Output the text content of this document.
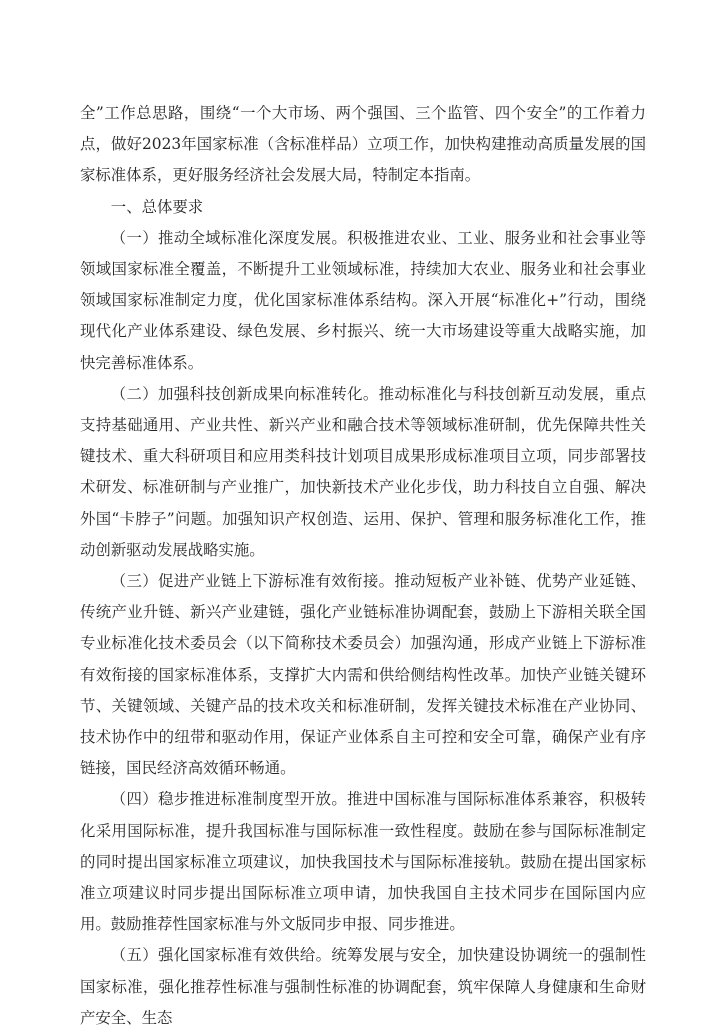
全”工作总思路，围绕“一个大市场、两个强国、三个监管、四个安全”的工作着力点，做好2023年国家标准（含标准样品）立项工作，加快构建推动高质量发展的国家标准体系，更好服务经济社会发展大局，特制定本指南。

一、总体要求

（一）推动全域标准化深度发展。积极推进农业、工业、服务业和社会事业等领域国家标准全覆盖，不断提升工业领域标准，持续加大农业、服务业和社会事业领域国家标准制定力度，优化国家标准体系结构。深入开展“标准化+”行动，围绕现代化产业体系建设、绿色发展、乡村振兴、统一大市场建设等重大战略实施，加快完善标准体系。

（二）加强科技创新成果向标准转化。推动标准化与科技创新互动发展，重点支持基础通用、产业共性、新兴产业和融合技术等领域标准研制，优先保障共性关键技术、重大科研项目和应用类科技计划项目成果形成标准项目立项，同步部署技术研发、标准研制与产业推广，加快新技术产业化步伐，助力科技自立自强、解决外国“卡脖子”问题。加强知识产权创造、运用、保护、管理和服务标准化工作，推动创新驱动发展战略实施。

（三）促进产业链上下游标准有效衔接。推动短板产业补链、优势产业延链、传统产业升链、新兴产业建链，强化产业链标准协调配套，鼓励上下游相关联全国专业标准化技术委员会（以下简称技术委员会）加强沟通，形成产业链上下游标准有效衔接的国家标准体系，支撑扩大内需和供给侧结构性改革。加快产业链关键环节、关键领域、关键产品的技术攻关和标准研制，发挥关键技术标准在产业协同、技术协作中的纽带和驱动作用，保证产业体系自主可控和安全可靠，确保产业有序链接，国民经济高效循环畅通。

（四）稳步推进标准制度型开放。推进中国标准与国际标准体系兼容，积极转化采用国际标准，提升我国标准与国际标准一致性程度。鼓励在参与国际标准制定的同时提出国家标准立项建议，加快我国技术与国际标准接轨。鼓励在提出国家标准立项建议时同步提出国际标准立项申请，加快我国自主技术同步在国际国内应用。鼓励推荐性国家标准与外文版同步申报、同步推进。

（五）强化国家标准有效供给。统筹发展与安全，加快建设协调统一的强制性国家标准，强化推荐性标准与强制性标准的协调配套，筑牢保障人身健康和生命财产安全、生态
